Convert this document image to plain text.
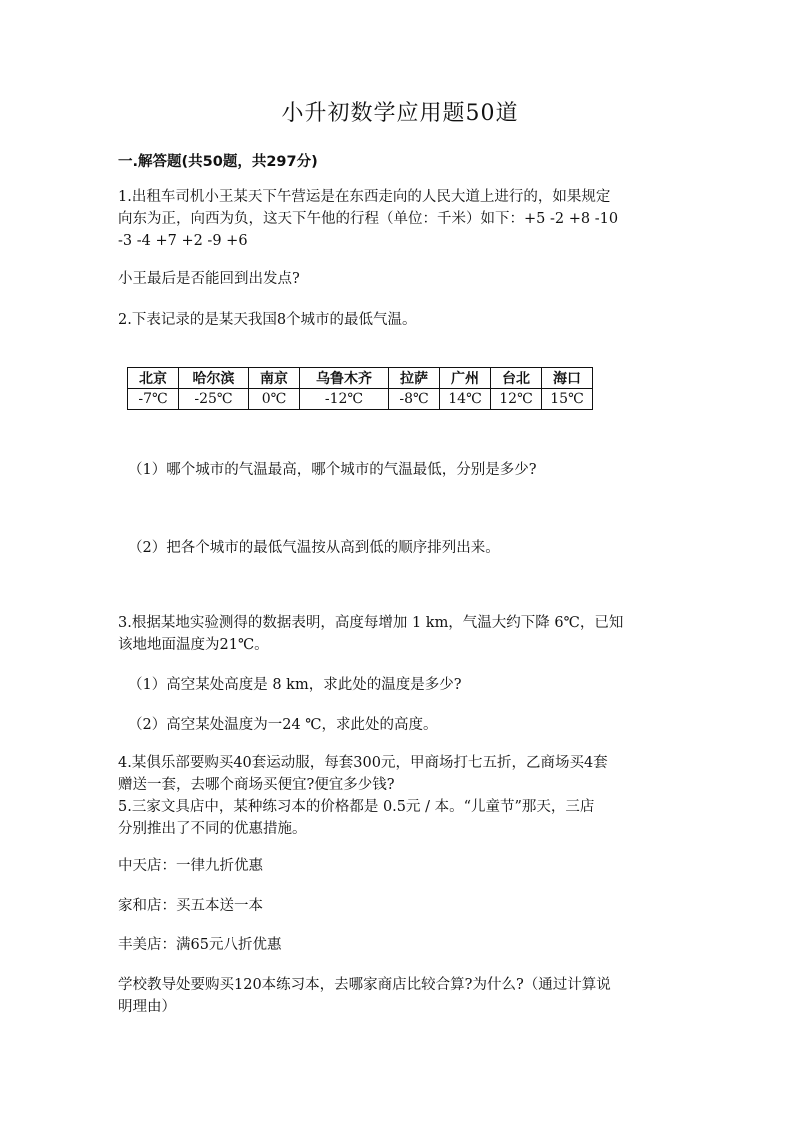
小升初数学应用题50道
一.解答题(共50题，共297分)
1.出租车司机小王某天下午营运是在东西走向的人民大道上进行的，如果规定
向东为正，向西为负，这天下午他的行程（单位：千米）如下：+5 -2 +8 -10
-3 -4 +7 +2 -9 +6
小王最后是否能回到出发点?
2.下表记录的是某天我国8个城市的最低气温。
北京	哈尔滨	南京	乌鲁木齐	拉萨	广州	台北	海口
-7℃	-25℃	0℃	-12℃	-8℃	14℃	12℃	15℃
（1）哪个城市的气温最高，哪个城市的气温最低，分别是多少?
（2）把各个城市的最低气温按从高到低的顺序排列出来。
3.根据某地实验测得的数据表明，高度每增加 1 km，气温大约下降 6℃，已知
该地地面温度为21℃。
（1）高空某处高度是 8 km，求此处的温度是多少?
（2）高空某处温度为一24 ℃，求此处的高度。
4.某俱乐部要购买40套运动服，每套300元，甲商场打七五折，乙商场买4套
赠送一套，去哪个商场买便宜?便宜多少钱?
5.三家文具店中，某种练习本的价格都是 0.5元 / 本。“儿童节”那天，三店
分别推出了不同的优惠措施。
中天店：一律九折优惠
家和店：买五本送一本
丰美店：满65元八折优惠
学校教导处要购买120本练习本，去哪家商店比较合算?为什么?（通过计算说
明理由）
